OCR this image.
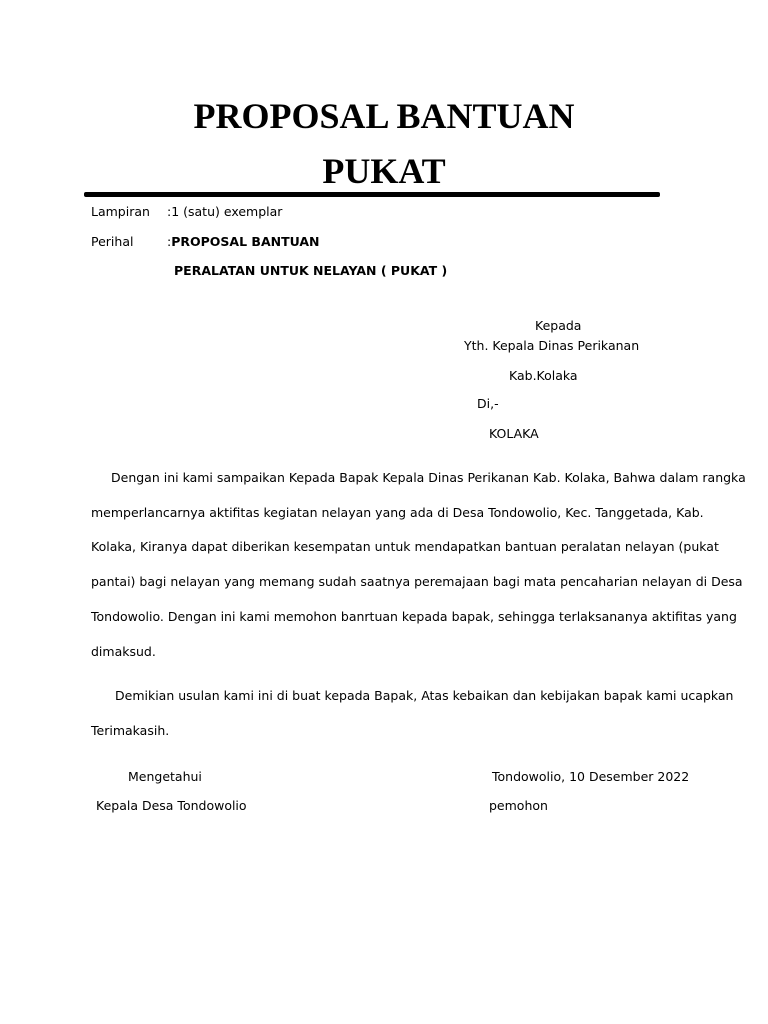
PROPOSAL BANTUAN
PUKAT
Lampiran :1 (satu) exemplar
Perihal	:PROPOSAL BANTUAN
PERALATAN UNTUK NELAYAN ( PUKAT )
Kepada
Yth. Kepala Dinas Perikanan
Kab.Kolaka
Di,-
KOLAKA
Dengan ini kami sampaikan Kepada Bapak Kepala Dinas Perikanan Kab. Kolaka, Bahwa dalam rangka
memperlancarnya aktifitas kegiatan nelayan yang ada di Desa Tondowolio, Kec. Tanggetada, Kab.
Kolaka, Kiranya dapat diberikan kesempatan untuk mendapatkan bantuan peralatan nelayan (pukat
pantai) bagi nelayan yang memang sudah saatnya peremajaan bagi mata pencaharian nelayan di Desa
Tondowolio. Dengan ini kami memohon banrtuan kepada bapak, sehingga terlaksananya aktifitas yang
dimaksud.
Demikian usulan kami ini di buat kepada Bapak, Atas kebaikan dan kebijakan bapak kami ucapkan
Terimakasih.
Mengetahui
Kepala Desa Tondowolio
Tondowolio, 10 Desember 2022
pemohon
